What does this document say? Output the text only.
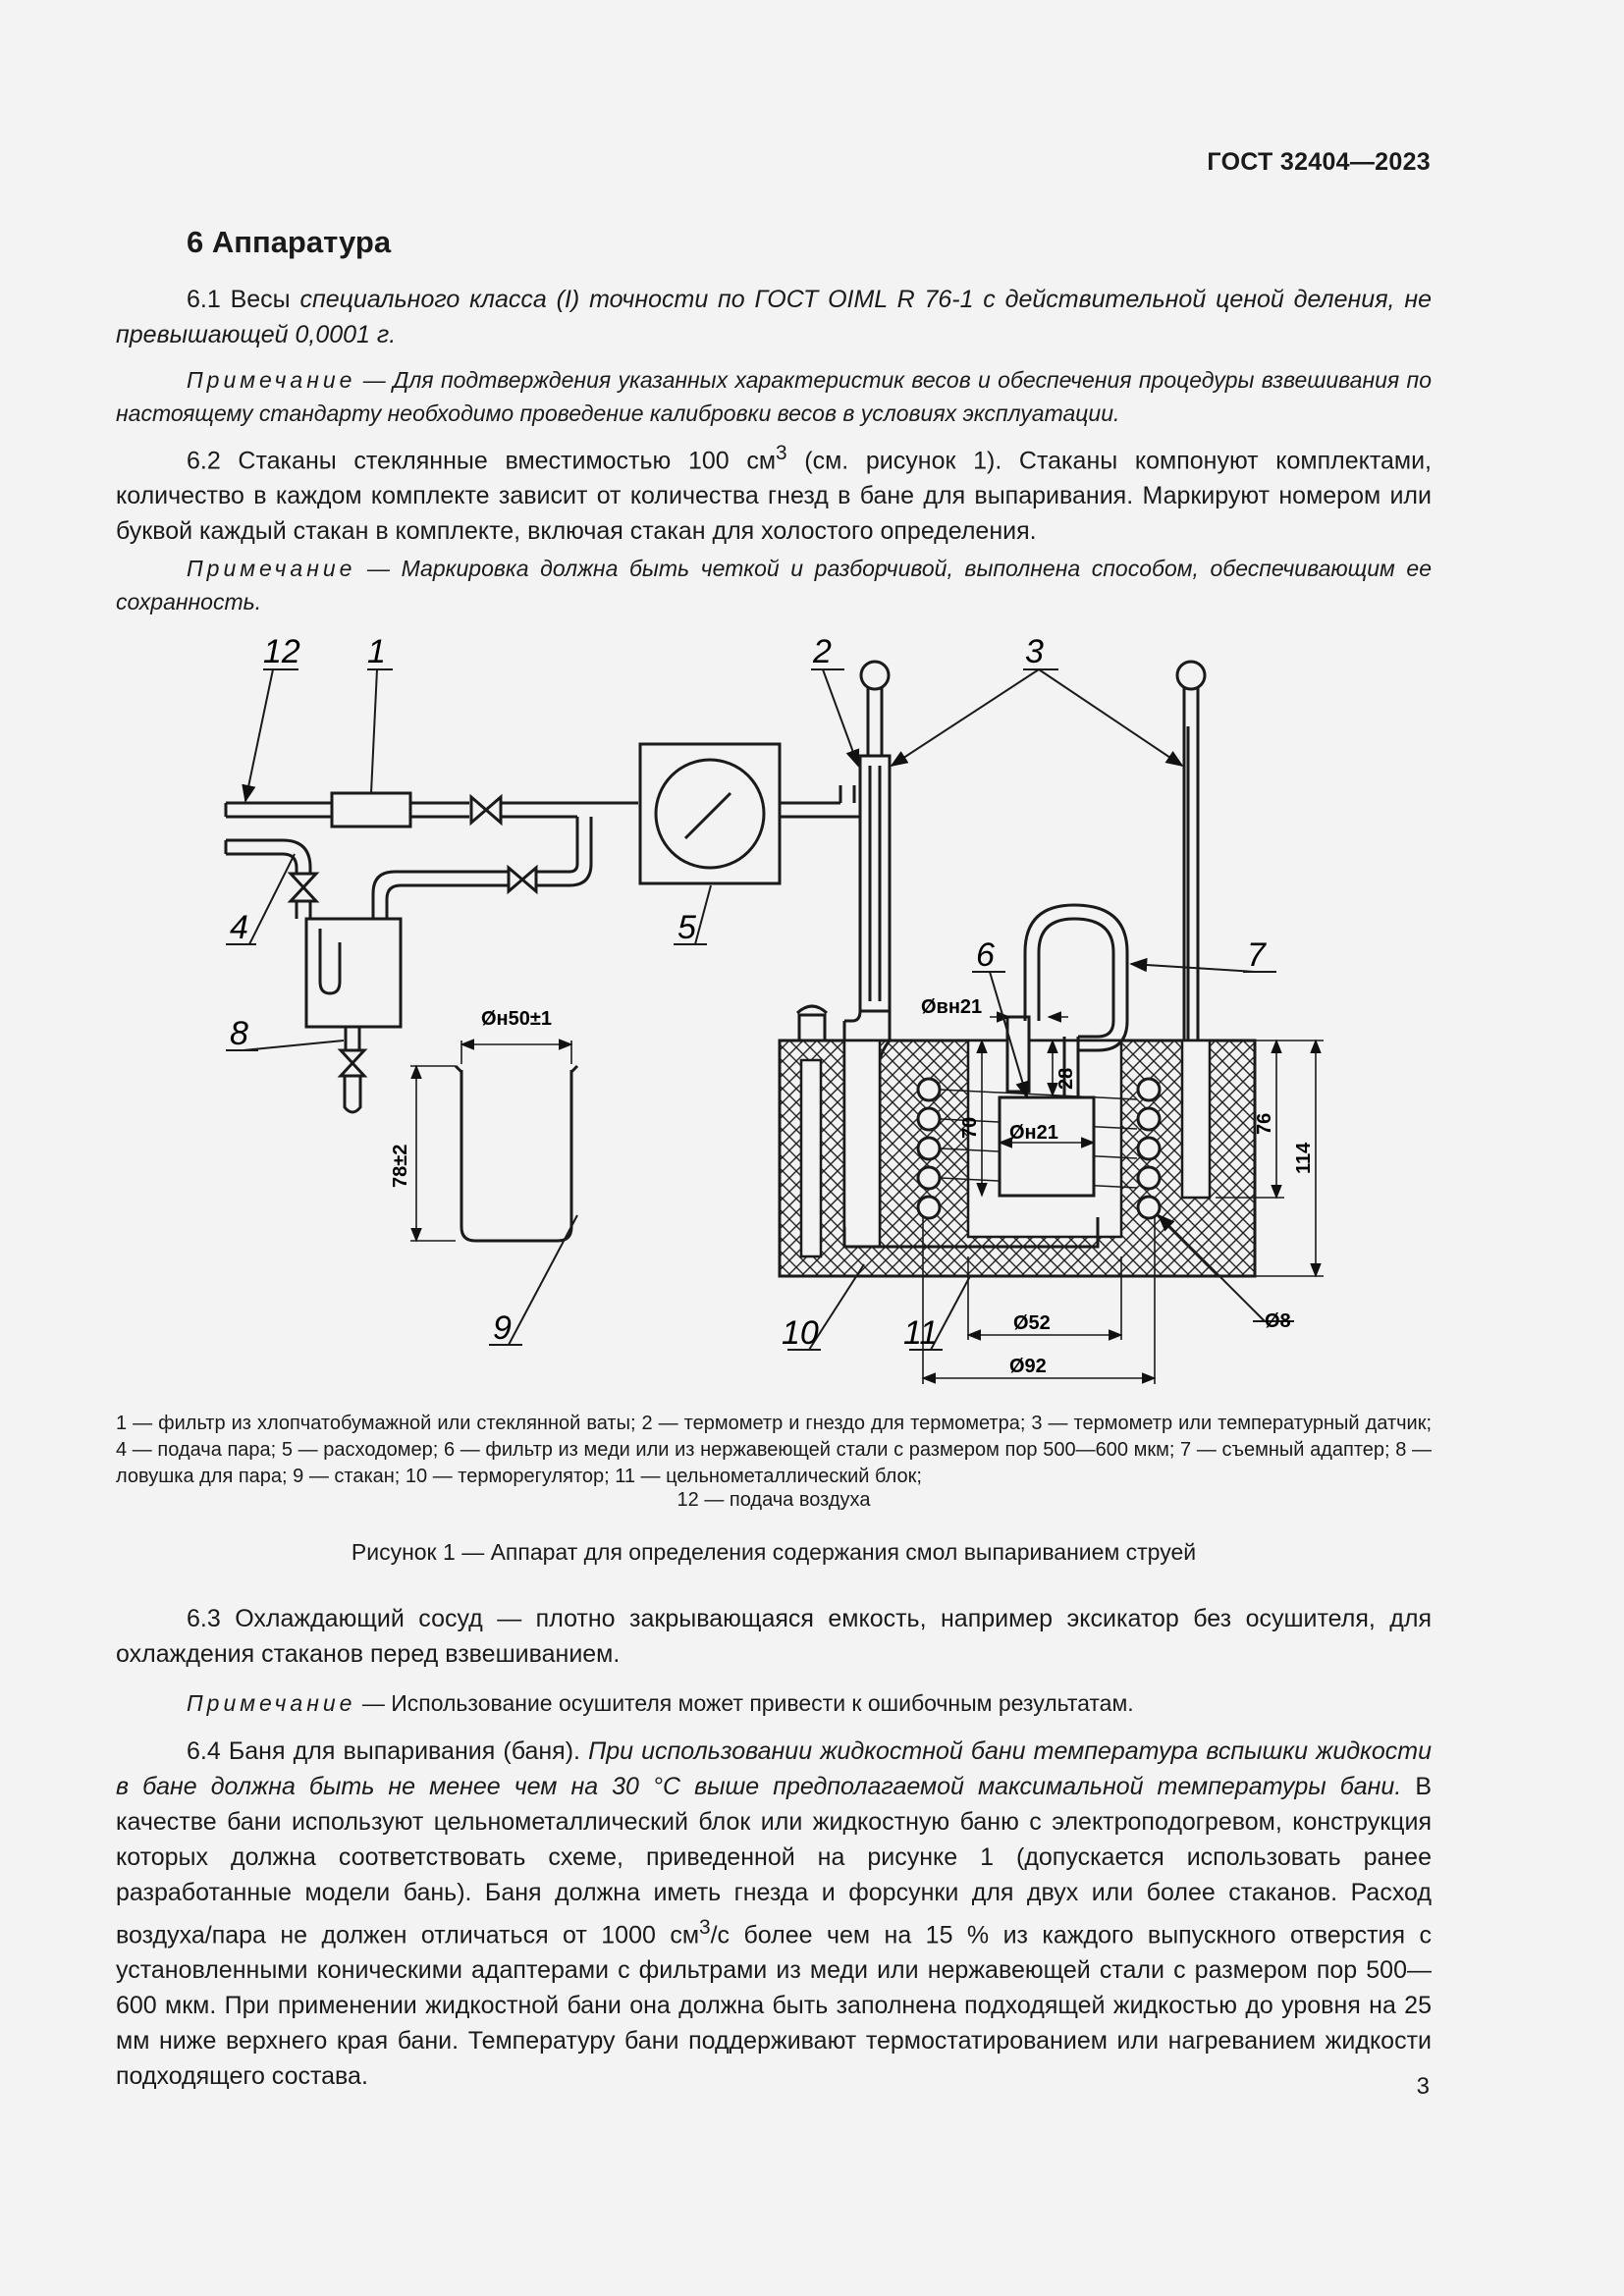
ГОСТ 32404—2023
6 Аппаратура

6.1 Весы специального класса (I) точности по ГОСТ OIML R 76-1 с действительной ценой деления, не превышающей 0,0001 г.

Примечание — Для подтверждения указанных характеристик весов и обеспечения процедуры взвешивания по настоящему стандарту необходимо проведение калибровки весов в условиях эксплуатации.

6.2 Стаканы стеклянные вместимостью 100 $см^3$ (см. рисунок 1). Стаканы компонуют комплектами, количество в каждом комплекте зависит от количества гнезд в бане для выпаривания. Маркируют номером или буквой каждый стакан в комплекте, включая стакан для холостого определения.

Примечание — Маркировка должна быть четкой и разборчивой, выполнена способом, обеспечивающим ее сохранность.

12 1	2	3
4	5
6	7
8
9	10	11
Øн50±1
78±2
Øвн21
Øн21
28
70	76
114
Ø52
Ø92
Ø8

1 — фильтр из хлопчатобумажной или стеклянной ваты; 2 — термометр и гнездо для термометра; 3 — термометр или температурный датчик; 4 — подача пара; 5 — расходомер; 6 — фильтр из меди или из нержавеющей стали с размером пор 500—600 мкм; 7 — съемный адаптер; 8 — ловушка для пара; 9 — стакан; 10 — терморегулятор; 11 — цельнометаллический блок;

12 — подача воздуха

Рисунок 1 — Аппарат для определения содержания смол выпариванием струей

6.3 Охлаждающий сосуд — плотно закрывающаяся емкость, например эксикатор без осушителя, для охлаждения стаканов перед взвешиванием.

Примечание — Использование осушителя может привести к ошибочным результатам.

6.4 Баня для выпаривания (баня). При использовании жидкостной бани температура вспышки жидкости в бане должна быть не менее чем на 30 °С выше предполагаемой максимальной температуры бани. В качестве бани используют цельнометаллический блок или жидкостную баню с электроподогревом, конструкция которых должна соответствовать схеме, приведенной на рисунке 1 (допускается использовать ранее разработанные модели бань). Баня должна иметь гнезда и форсунки для двух или более стаканов. Расход воздуха/пара не должен отличаться от 1000 $см^3/с$ более чем на 15 % из каждого выпускного отверстия с установленными коническими адаптерами с фильтрами из меди или нержавеющей стали с размером пор 500—600 мкм. При применении жидкостной бани она должна быть заполнена подходящей жидкостью до уровня на 25 мм ниже верхнего края бани. Температуру бани поддерживают термостатированием или нагреванием жидкости подходящего состава.	3
